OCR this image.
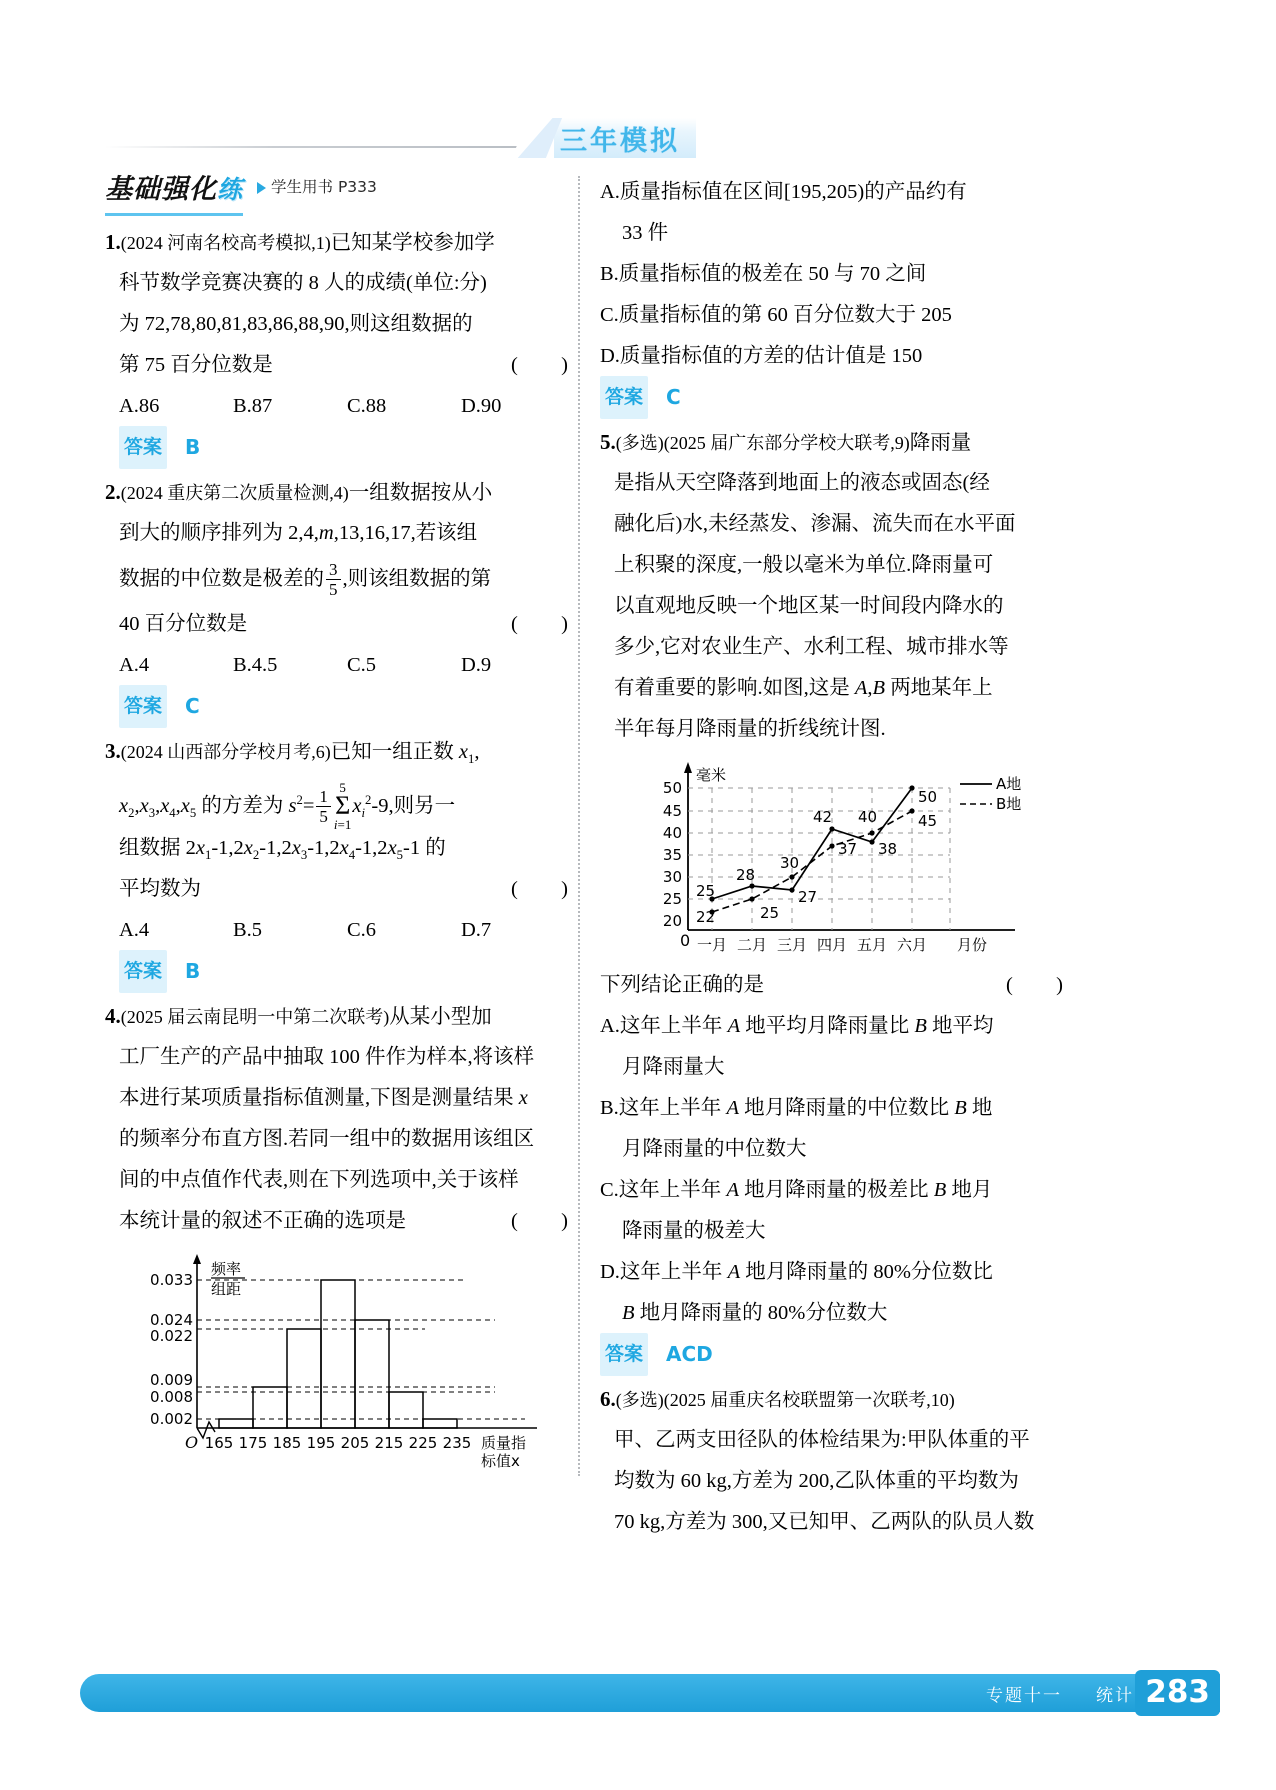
三年模拟
基础强化练 学生用书 P333
1.(2024 河南名校高考模拟,1)已知某学校参加学
科节数学竞赛决赛的 8 人的成绩(单位:分)
为 72,78,80,81,83,86,88,90,则这组数据的
第 75 百分位数是	(   )
A.86	B.87	C.88	D.90
答案 B
2.(2024 重庆第二次质量检测,4)一组数据按从小
到大的顺序排列为 2,4,m,13,16,17,若该组
数据的中位数是极差的 $\frac{3}{5}$ ,则该组数据的第
40 百分位数是	(   )
A.4	B.4.5	C.5	D.9
答案 C
3.(2024 山西部分学校月考,6)已知一组正数 $x_1$,
$x_2,x_3,x_4,x_5$ 的方差为 $s^2= \frac{1}{5} 5$
Σ
i=1
$x_i^2-9$,则另一
组数据 $2x_1-1,2x_2-1,2x_3-1,2x_4-1,2x_5-1$ 的
平均数为	(   )
A.4	B.5	C.6	D.7
答案 B
4.(2025 届云南昆明一中第二次联考)从某小型加
工厂生产的产品中抽取 100 件作为样本,将该样
本进行某项质量指标值测量,下图是测量结果 x
的频率分布直方图.若同一组中的数据用该组区
间的中点值作代表,则在下列选项中,关于该样
本统计量的叙述不正确的选项是	(   )
频率
组距
0.033
0.024
0.022
0.009
0.008
0.002
165 175 185 195 205 215 225 235
O	质量指
标值x
A.质量指标值在区间[195,205)的产品约有
33 件
B.质量指标值的极差在 50 与 70 之间
C.质量指标值的第 60 百分位数大于 205
D.质量指标值的方差的估计值是 150
答案 C
5.(多选)(2025 届广东部分学校大联考,9)降雨量
是指从天空降落到地面上的液态或固态(经
融化后)水,未经蒸发、渗漏、流失而在水平面
上积聚的深度,一般以毫米为单位.降雨量可
以直观地反映一个地区某一时间段内降水的
多少,它对农业生产、水利工程、城市排水等
有着重要的影响.如图,这是 A,B 两地某年上
半年每月降雨量的折线统计图.
毫米
50
45
40
35
30
25
20
0
25
28
27
42
38
50
22	25
30
37
40	45
一月 二月 三月 四月 五月 六月 月份
A地
B地
下列结论正确的是	(   )
A.这年上半年 A 地平均月降雨量比 B 地平均
月降雨量大
B.这年上半年 A 地月降雨量的中位数比 B 地
月降雨量的中位数大
C.这年上半年 A 地月降雨量的极差比 B 地月
降雨量的极差大
D.这年上半年 A 地月降雨量的 80%分位数比
B 地月降雨量的 80%分位数大
答案 ACD
6.(多选)(2025 届重庆名校联盟第一次联考,10)
甲、乙两支田径队的体检结果为:甲队体重的平
均数为 60 kg,方差为 200,乙队体重的平均数为
70 kg,方差为 300,又已知甲、乙两队的队员人数
专题十一 统计 283
